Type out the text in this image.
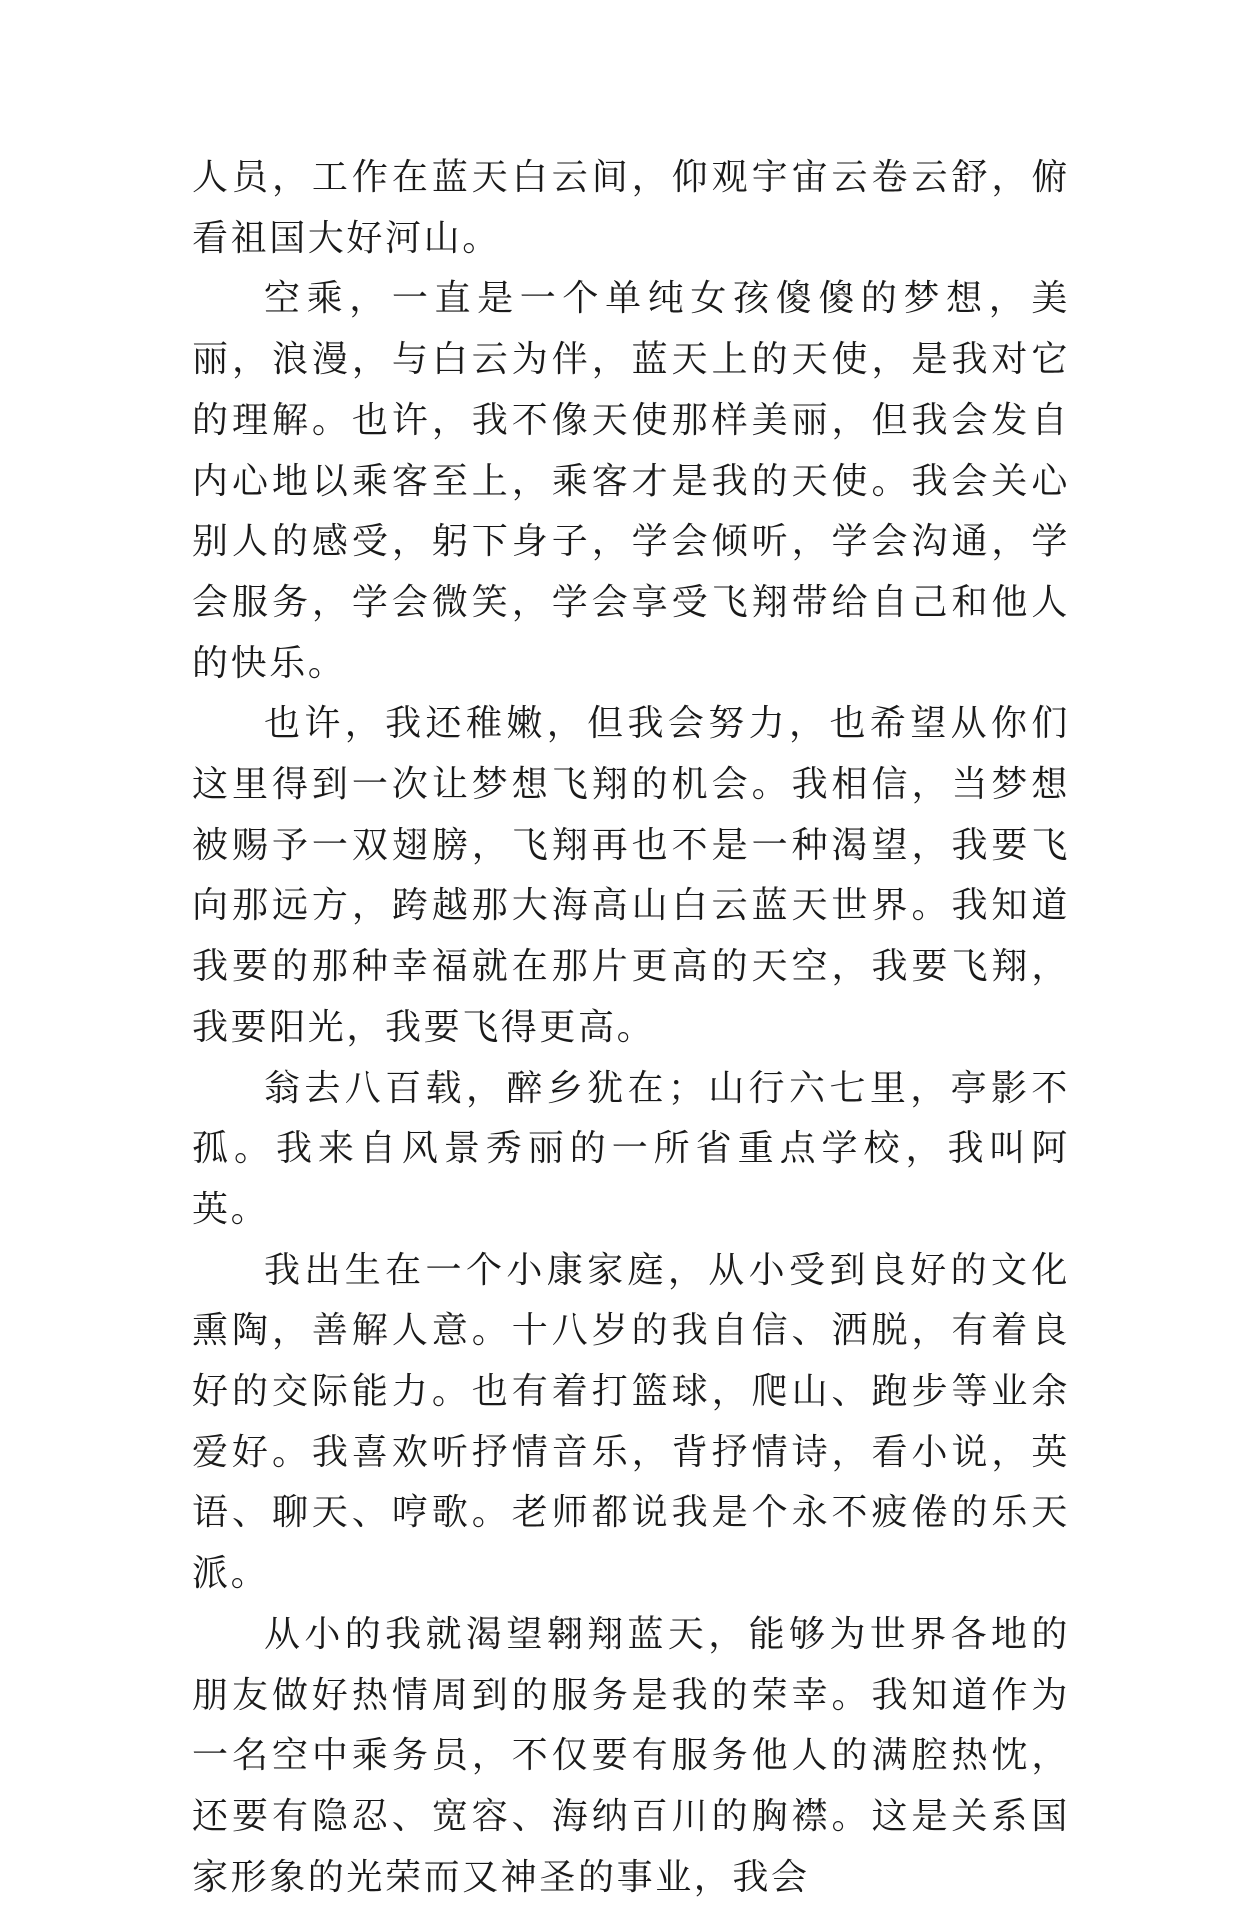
人员，工作在蓝天白云间，仰观宇宙云卷云舒，俯看祖国大好河山。

空乘，一直是一个单纯女孩傻傻的梦想，美丽，浪漫，与白云为伴，蓝天上的天使，是我对它的理解。也许，我不像天使那样美丽，但我会发自内心地以乘客至上，乘客才是我的天使。我会关心别人的感受，躬下身子，学会倾听，学会沟通，学会服务，学会微笑，学会享受飞翔带给自己和他人的快乐。

也许，我还稚嫩，但我会努力，也希望从你们这里得到一次让梦想飞翔的机会。我相信，当梦想被赐予一双翅膀，飞翔再也不是一种渴望，我要飞向那远方，跨越那大海高山白云蓝天世界。我知道我要的那种幸福就在那片更高的天空，我要飞翔，我要阳光，我要飞得更高。

翁去八百载，醉乡犹在；山行六七里，亭影不孤。我来自风景秀丽的一所省重点学校，我叫阿英。

我出生在一个小康家庭，从小受到良好的文化熏陶，善解人意。十八岁的我自信、洒脱，有着良好的交际能力。也有着打篮球，爬山、跑步等业余爱好。我喜欢听抒情音乐，背抒情诗，看小说，英语、聊天、哼歌。老师都说我是个永不疲倦的乐天派。

从小的我就渴望翱翔蓝天，能够为世界各地的朋友做好热情周到的服务是我的荣幸。我知道作为一名空中乘务员，不仅要有服务他人的满腔热忱，还要有隐忍、宽容、海纳百川的胸襟。这是关系国家形象的光荣而又神圣的事业，我会
